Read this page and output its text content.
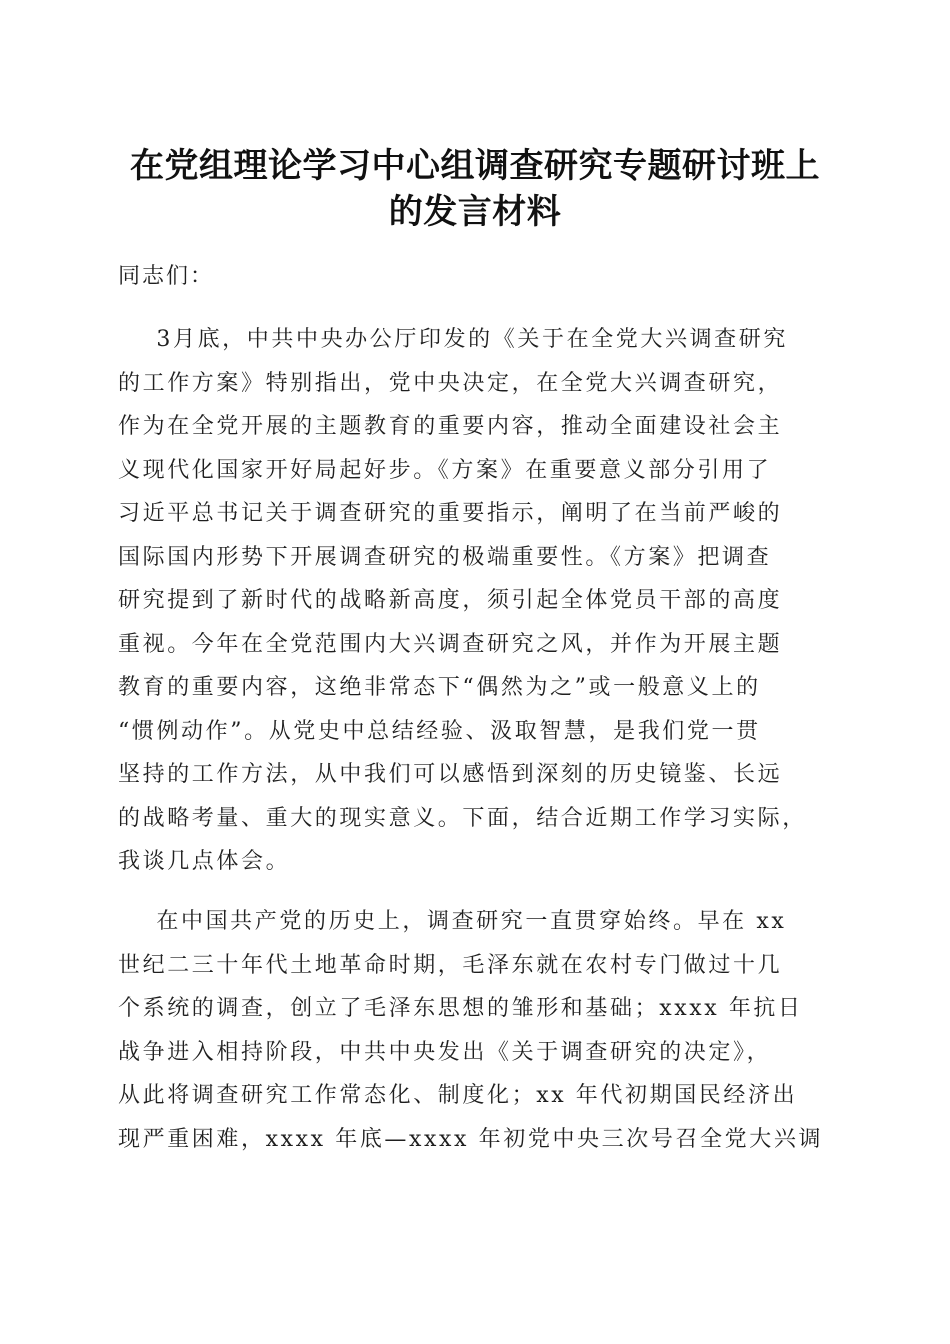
在党组理论学习中心组调查研究专题研讨班上
的发言材料
同志们：
3月底，中共中央办公厅印发的《关于在全党大兴调查研究
的工作方案》特别指出，党中央决定，在全党大兴调查研究，
作为在全党开展的主题教育的重要内容，推动全面建设社会主
义现代化国家开好局起好步。《方案》在重要意义部分引用了
习近平总书记关于调查研究的重要指示，阐明了在当前严峻的
国际国内形势下开展调查研究的极端重要性。《方案》把调查
研究提到了新时代的战略新高度，须引起全体党员干部的高度
重视。今年在全党范围内大兴调查研究之风，并作为开展主题
教育的重要内容，这绝非常态下“偶然为之”或一般意义上的
“惯例动作”。从党史中总结经验、汲取智慧，是我们党一贯
坚持的工作方法，从中我们可以感悟到深刻的历史镜鉴、长远
的战略考量、重大的现实意义。下面，结合近期工作学习实际，
我谈几点体会。
在中国共产党的历史上，调查研究一直贯穿始终。早在 xx
世纪二三十年代土地革命时期，毛泽东就在农村专门做过十几
个系统的调查，创立了毛泽东思想的雏形和基础；xxxx 年抗日
战争进入相持阶段，中共中央发出《关于调查研究的决定》，
从此将调查研究工作常态化、制度化；xx 年代初期国民经济出
现严重困难，xxxx 年底—xxxx 年初党中央三次号召全党大兴调
